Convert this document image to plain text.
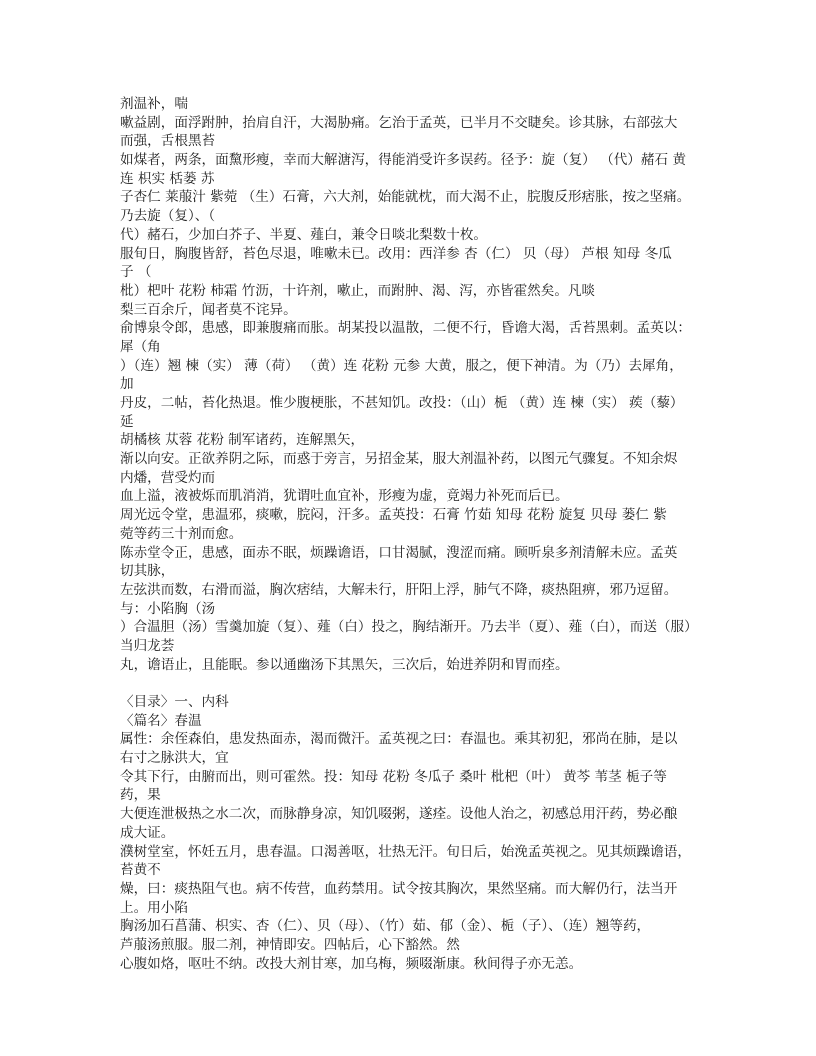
剂温补，喘
嗽益剧，面浮跗肿，抬肩自汗，大渴胁痛。乞治于孟英，已半月不交睫矣。诊其脉，右部弦大
而强，舌根黑苔
如煤者，两条，面黧形瘦，幸而大解溏泻，得能消受许多误药。径予：旋（复） （代）赭石 黄
连 枳实 栝蒌 苏
子杏仁 莱菔汁 紫菀 （生）石膏，六大剂，始能就枕，而大渴不止，脘腹反形痞胀，按之坚痛。
乃去旋（复）、（
代）赭石，少加白芥子、半夏、薤白，兼令日啖北梨数十枚。
服旬日，胸腹皆舒，苔色尽退，唯嗽未已。改用：西洋参 杏（仁） 贝（母） 芦根 知母 冬瓜
子 （
枇）杷叶 花粉 柿霜 竹沥，十许剂，嗽止，而跗肿、渴、泻，亦皆霍然矣。凡啖
梨三百余斤，闻者莫不诧异。
俞博泉令郎，患感，即兼腹痛而胀。胡某投以温散，二便不行，昏谵大渴，舌苔黑刺。孟英以：
犀（角
）（连）翘 楝（实） 薄（荷） （黄）连 花粉 元参 大黄，服之，便下神清。为（乃）去犀角，
加
丹皮，二帖，苔化热退。惟少腹梗胀，不甚知饥。改投：（山）栀 （黄）连 楝（实） 蒺（藜）
延
胡橘核 苁蓉 花粉 制军诸药，连解黑矢，
渐以向安。正欲养阴之际，而惑于旁言，另招金某，服大剂温补药，以图元气骤复。不知余烬
内燔，营受灼而
血上溢，液被烁而肌消消，犹谓吐血宜补，形瘦为虚，竟竭力补死而后已。
周光远令堂，患温邪，痰嗽，脘闷，汗多。孟英投：石膏 竹茹 知母 花粉 旋复 贝母 蒌仁 紫
菀等药三十剂而愈。
陈赤堂令正，患感，面赤不眠，烦躁谵语，口甘渴腻，溲涩而痛。顾听泉多剂清解未应。孟英
切其脉，
左弦洪而数，右滑而溢，胸次痞结，大解未行，肝阳上浮，肺气不降，痰热阻痹，邪乃逗留。
与：小陷胸（汤
）合温胆（汤）雪羹加旋（复）、薤（白）投之，胸结渐开。乃去半（夏）、薤（白），而送（服）
当归龙荟
丸，谵语止，且能眠。参以通幽汤下其黑矢，三次后，始进养阴和胃而痊。
〈目录〉一、内科
〈篇名〉春温
属性：余侄森伯，患发热面赤，渴而微汗。孟英视之曰：春温也。乘其初犯，邪尚在肺，是以
右寸之脉洪大，宜
令其下行，由腑而出，则可霍然。投：知母 花粉 冬瓜子 桑叶 枇杷（叶） 黄芩 苇茎 栀子等
药，果
大便连泄极热之水二次，而脉静身凉，知饥啜粥，遂痊。设他人治之，初感总用汗药，势必酿
成大证。
濮树堂室，怀妊五月，患春温。口渴善呕，壮热无汗。旬日后，始浼孟英视之。见其烦躁谵语，
苔黄不
燥，曰：痰热阻气也。病不传营，血药禁用。试令按其胸次，果然坚痛。而大解仍行，法当开
上。用小陷
胸汤加石菖蒲、枳实、杏（仁）、贝（母）、（竹）茹、郁（金）、栀（子）、（连）翘等药，
芦菔汤煎服。服二剂，神情即安。四帖后，心下豁然。然
心腹如烙，呕吐不纳。改投大剂甘寒，加乌梅，频啜渐康。秋间得子亦无恙。
